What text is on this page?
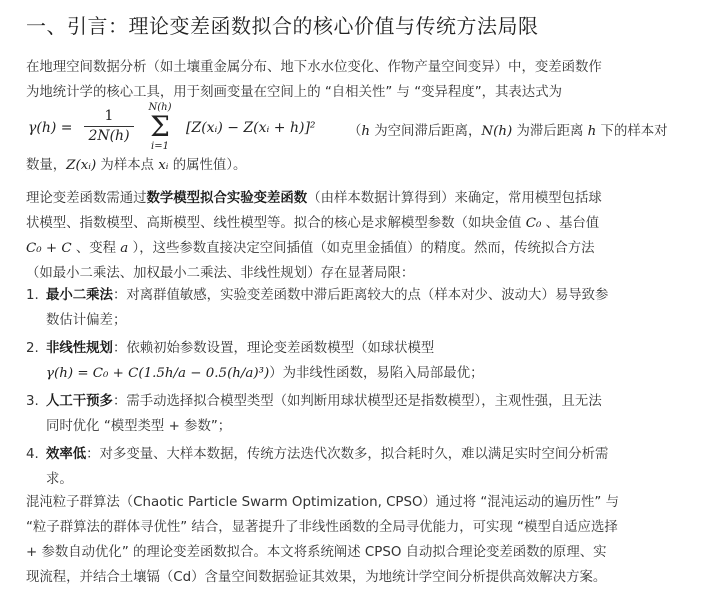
一、引言：理论变差函数拟合的核心价值与传统方法局限

在地理空间数据分析（如土壤重金属分布、地下水水位变化、作物产量空间变异）中，变差函数作
为地统计学的核心工具，用于刻画变量在空间上的 “自相关性” 与 “变异程度”，其表达式为

γ(h) =
1
2N(h)
N(h)
Σ
i=1
[Z(xᵢ) − Z(xᵢ + h)]² （h 为空间滞后距离，N(h) 为滞后距离 h 下的样本对

数量，Z(xᵢ) 为样本点 xᵢ 的属性值）。

理论变差函数需通过数学模型拟合实验变差函数（由样本数据计算得到）来确定，常用模型包括球
状模型、指数模型、高斯模型、线性模型等。拟合的核心是求解模型参数（如块金值 C₀ 、基台值
C₀ + C 、变程 a ），这些参数直接决定空间插值（如克里金插值）的精度。然而，传统拟合方法
（如最小二乘法、加权最小二乘法、非线性规划）存在显著局限：

1. 最小二乘法：对离群值敏感，实验变差函数中滞后距离较大的点（样本对少、波动大）易导致参
数估计偏差；
2. 非线性规划：依赖初始参数设置，理论变差函数模型（如球状模型
γ(h) = C₀ + C(1.5h/a − 0.5(h/a)³)）为非线性函数，易陷入局部最优；
3. 人工干预多：需手动选择拟合模型类型（如判断用球状模型还是指数模型），主观性强，且无法
同时优化 “模型类型 + 参数”；
4. 效率低：对多变量、大样本数据，传统方法迭代次数多，拟合耗时久，难以满足实时空间分析需
求。

混沌粒子群算法（Chaotic Particle Swarm Optimization, CPSO）通过将 “混沌运动的遍历性” 与
“粒子群算法的群体寻优性” 结合，显著提升了非线性函数的全局寻优能力，可实现 “模型自适应选择
+ 参数自动优化” 的理论变差函数拟合。本文将系统阐述 CPSO 自动拟合理论变差函数的原理、实
现流程，并结合土壤镉（Cd）含量空间数据验证其效果，为地统计学空间分析提供高效解决方案。
